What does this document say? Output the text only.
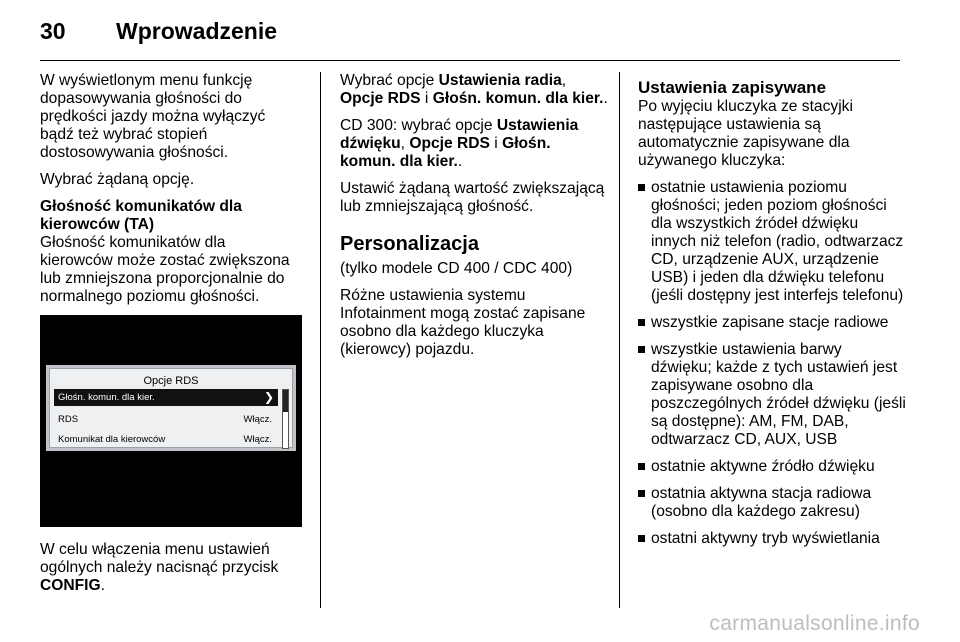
30 Wprowadzenie

W wyświetlonym menu funkcję dopasowywania głośności do prędkości jazdy można wyłączyć bądź też wybrać stopień dostosowywania głośności.

Wybrać żądaną opcję.

Głośność komunikatów dla kierowców (TA)

Głośność komunikatów dla kierowców może zostać zwiększona lub zmniejszona proporcjonalnie do normalnego poziomu głośności.

Opcje RDS
Głośn. komun. dla kier.	❯
RDS	Włącz.
Komunikat dla kierowców	Włącz.

W celu włączenia menu ustawień ogólnych należy nacisnąć przycisk CONFIG.

Wybrać opcje Ustawienia radia, Opcje RDS i Głośn. komun. dla kier..

CD 300: wybrać opcje Ustawienia dźwięku, Opcje RDS i Głośn. komun. dla kier..

Ustawić żądaną wartość zwiększającą lub zmniejszającą głośność.

Personalizacja

(tylko modele CD 400 / CDC 400)

Różne ustawienia systemu Infotainment mogą zostać zapisane osobno dla każdego kluczyka (kierowcy) pojazdu.

Ustawienia zapisywane

Po wyjęciu kluczyka ze stacyjki następujące ustawienia są automatycznie zapisywane dla używanego kluczyka:

ostatnie ustawienia poziomu głośności; jeden poziom głośności dla wszystkich źródeł dźwięku innych niż telefon (radio, odtwarzacz CD, urządzenie AUX, urządzenie USB) i jeden dla dźwięku telefonu (jeśli dostępny jest interfejs telefonu)
wszystkie zapisane stacje radiowe
wszystkie ustawienia barwy dźwięku; każde z tych ustawień jest zapisywane osobno dla poszczególnych źródeł dźwięku (jeśli są dostępne): AM, FM, DAB, odtwarzacz CD, AUX, USB
ostatnie aktywne źródło dźwięku
ostatnia aktywna stacja radiowa (osobno dla każdego zakresu)
ostatni aktywny tryb wyświetlania
carmanualsonline.info
